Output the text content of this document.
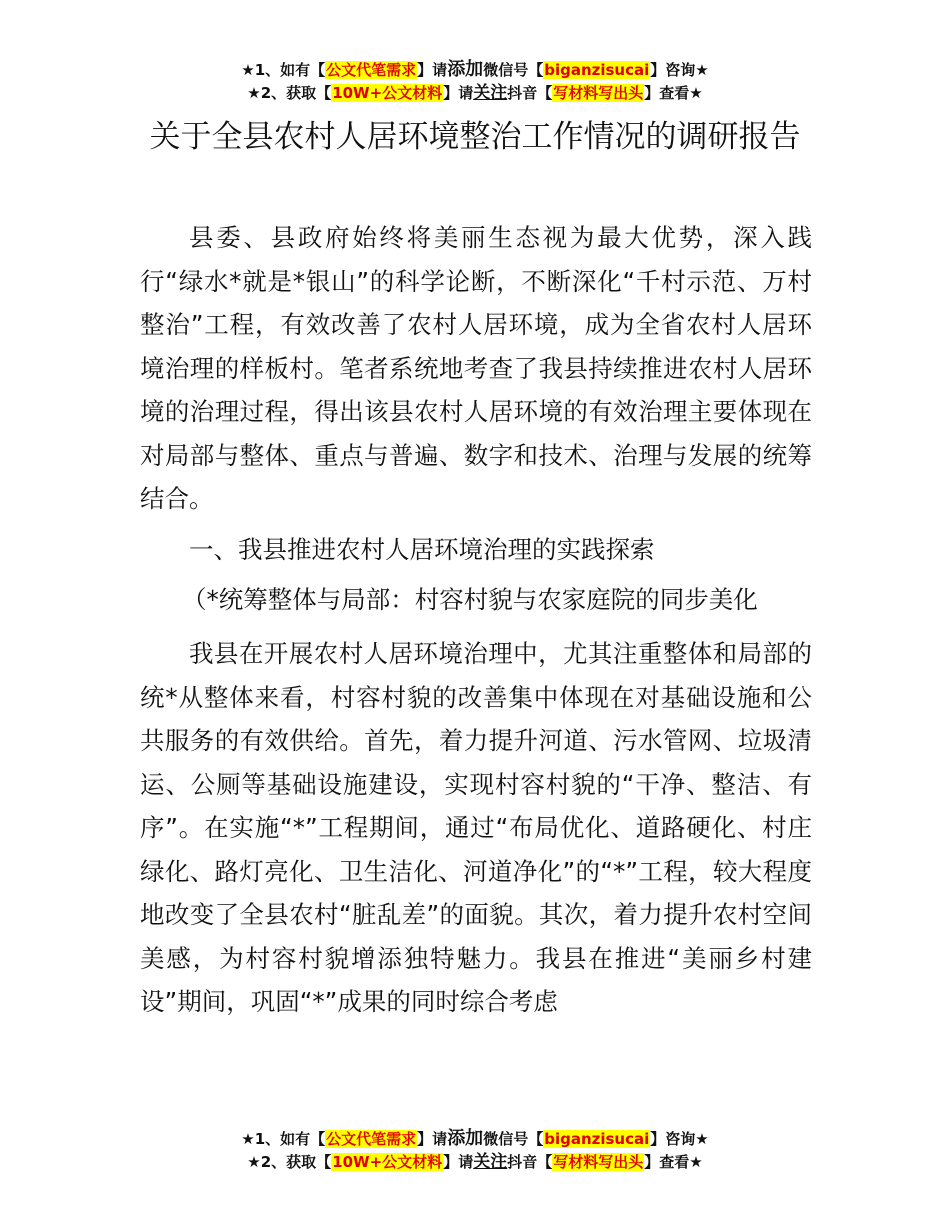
★1、如有【公文代笔需求】请添加微信号【biganzisucai】咨询★
★2、获取【10W+公文材料】请关注抖音【写材料写出头】查看★
关于全县农村人居环境整治工作情况的调研报告
县委、县政府始终将美丽生态视为最大优势，深入践行“绿水*就是*银山”的科学论断，不断深化“千村示范、万村整治”工程，有效改善了农村人居环境，成为全省农村人居环境治理的样板村。笔者系统地考查了我县持续推进农村人居环境的治理过程，得出该县农村人居环境的有效治理主要体现在对局部与整体、重点与普遍、数字和技术、治理与发展的统筹结合。
一、我县推进农村人居环境治理的实践探索
（*统筹整体与局部：村容村貌与农家庭院的同步美化
我县在开展农村人居环境治理中，尤其注重整体和局部的统*从整体来看，村容村貌的改善集中体现在对基础设施和公共服务的有效供给。首先，着力提升河道、污水管网、垃圾清运、公厕等基础设施建设，实现村容村貌的“干净、整洁、有序”。在实施“*”工程期间，通过“布局优化、道路硬化、村庄绿化、路灯亮化、卫生洁化、河道净化”的“*”工程，较大程度地改变了全县农村“脏乱差”的面貌。其次，着力提升农村空间美感，为村容村貌增添独特魅力。我县在推进“美丽乡村建设”期间，巩固“*”成果的同时综合考虑
★1、如有【公文代笔需求】请添加微信号【biganzisucai】咨询★
★2、获取【10W+公文材料】请关注抖音【写材料写出头】查看★
